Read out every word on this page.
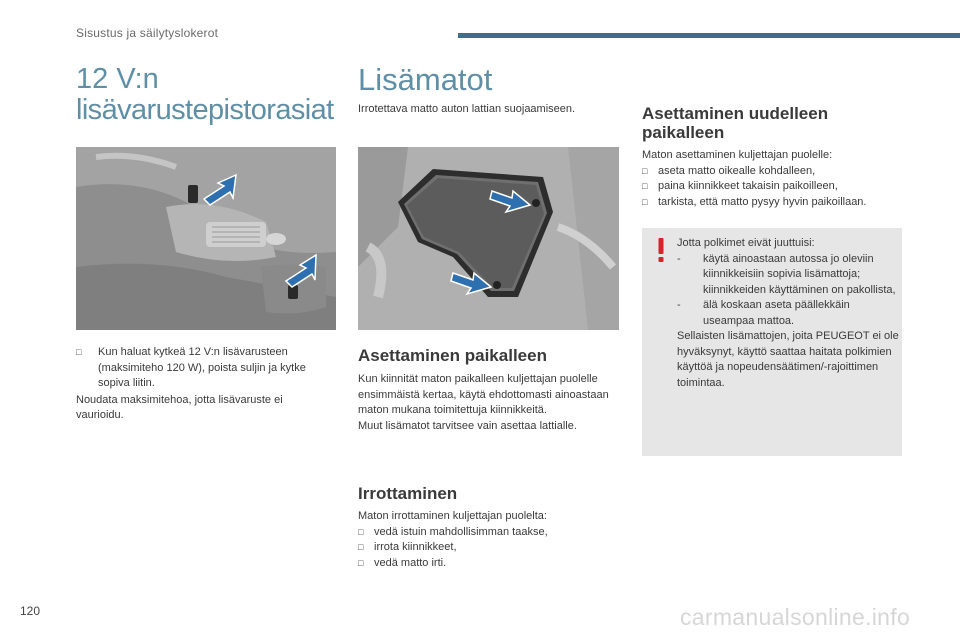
Sisustus ja säilytyslokerot
12 V:n
lisävarustepistorasiat
□ Kun haluat kytkeä 12 V:n lisävarusteen (maksimiteho 120 W), poista suljin ja kytke sopiva liitin.

Noudata maksimitehoa, jotta lisävaruste ei vaurioidu.

Lisämatot

Irrotettava matto auton lattian suojaamiseen.

Asettaminen paikalleen

Kun kiinnität maton paikalleen kuljettajan puolelle ensimmäistä kertaa, käytä ehdottomasti ainoastaan maton mukana toimitettuja kiinnikkeitä.

Muut lisämatot tarvitsee vain asettaa lattialle.

Irrottaminen

Maton irrottaminen kuljettajan puolelta:

□ vedä istuin mahdollisimman taakse,
□ irrota kiinnikkeet,
□ vedä matto irti.
Asettaminen uudelleen
paikalleen

Maton asettaminen kuljettajan puolelle:

□ aseta matto oikealle kohdalleen,
□ paina kiinnikkeet takaisin paikoilleen,
□ tarkista, että matto pysyy hyvin paikoillaan.

Jotta polkimet eivät juuttuisi:

- käytä ainoastaan autossa jo oleviin kiinnikkeisiin sopivia lisämattoja; kiinnikkeiden käyttäminen on pakollista,
- älä koskaan aseta päällekkäin useampaa mattoa.

Sellaisten lisämattojen, joita PEUGEOT ei ole hyväksynyt, käyttö saattaa haitata polkimien käyttöä ja nopeudensäätimen/-rajoittimen toimintaa.

120	carmanualsonline.info
